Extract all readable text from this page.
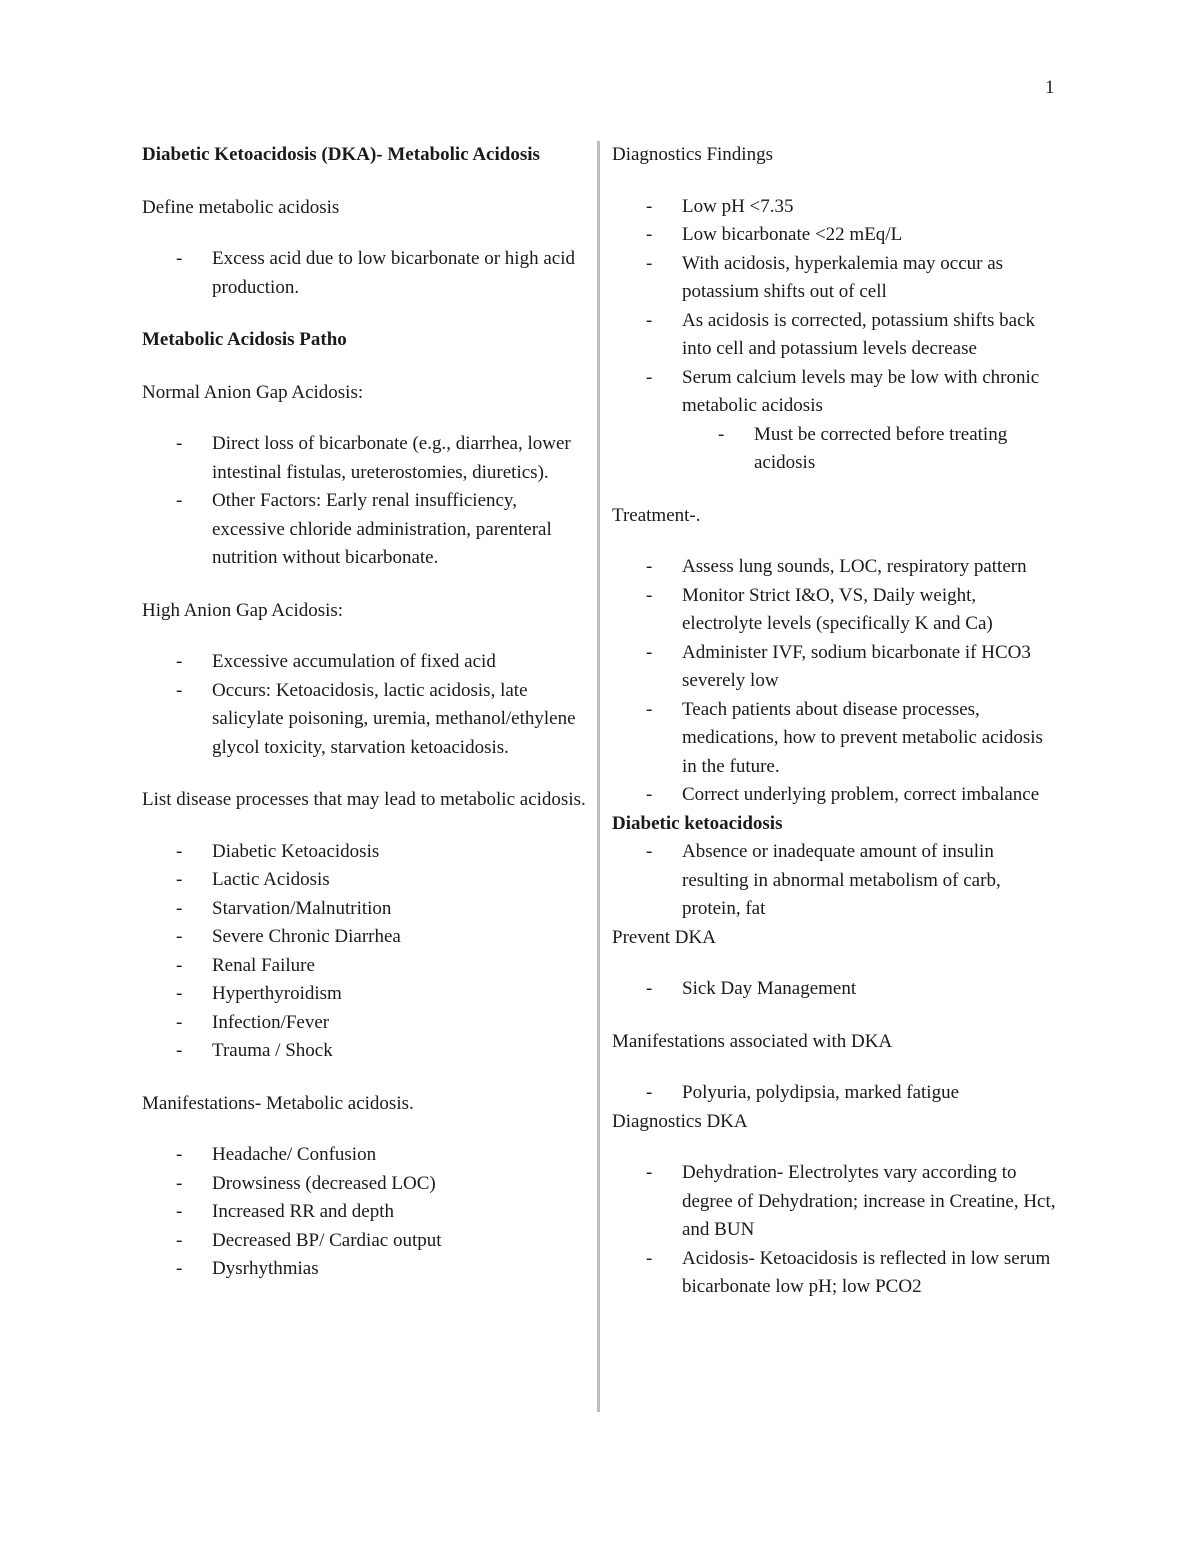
1
Diabetic Ketoacidosis (DKA)- Metabolic Acidosis
Define metabolic acidosis
- Excess acid due to low bicarbonate or high acid production.
Metabolic Acidosis Patho
Normal Anion Gap Acidosis:
- Direct loss of bicarbonate (e.g., diarrhea, lower intestinal fistulas, ureterostomies, diuretics).
- Other Factors: Early renal insufficiency, excessive chloride administration, parenteral nutrition without bicarbonate.
High Anion Gap Acidosis:
- Excessive accumulation of fixed acid
- Occurs: Ketoacidosis, lactic acidosis, late salicylate poisoning, uremia, methanol/ethylene glycol toxicity, starvation ketoacidosis.
List disease processes that may lead to metabolic acidosis.
- Diabetic Ketoacidosis
- Lactic Acidosis
- Starvation/Malnutrition
- Severe Chronic Diarrhea
- Renal Failure
- Hyperthyroidism
- Infection/Fever
- Trauma / Shock
Manifestations- Metabolic acidosis.
- Headache/ Confusion
- Drowsiness (decreased LOC)
- Increased RR and depth
- Decreased BP/ Cardiac output
- Dysrhythmias
Diagnostics Findings
- Low pH <7.35
- Low bicarbonate <22 mEq/L
- With acidosis, hyperkalemia may occur as potassium shifts out of cell
- As acidosis is corrected, potassium shifts back into cell and potassium levels decrease
- Serum calcium levels may be low with chronic metabolic acidosis
- Must be corrected before treating acidosis
Treatment-.
- Assess lung sounds, LOC, respiratory pattern
- Monitor Strict I&O, VS, Daily weight, electrolyte levels (specifically K and Ca)
- Administer IVF, sodium bicarbonate if HCO3 severely low
- Teach patients about disease processes, medications, how to prevent metabolic acidosis in the future.
- Correct underlying problem, correct imbalance
Diabetic ketoacidosis
- Absence or inadequate amount of insulin resulting in abnormal metabolism of carb, protein, fat
Prevent DKA
- Sick Day Management
Manifestations associated with DKA
- Polyuria, polydipsia, marked fatigue
Diagnostics DKA
- Dehydration- Electrolytes vary according to degree of Dehydration; increase in Creatine, Hct, and BUN
- Acidosis- Ketoacidosis is reflected in low serum bicarbonate low pH; low PCO2
